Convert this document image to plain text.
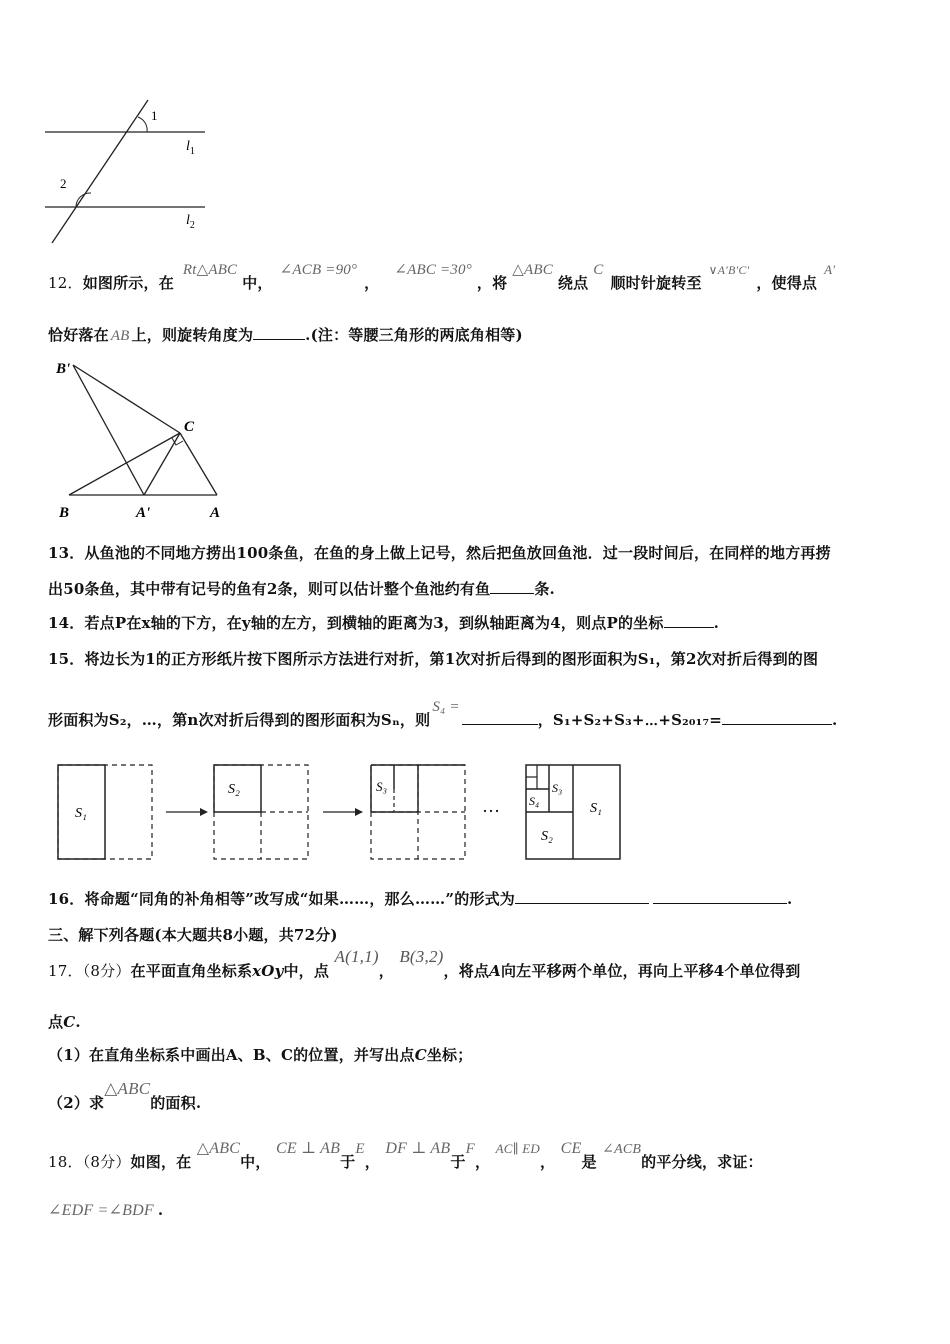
1
2
$l_1$
$l_2$
12．如图所示，在 Rt△ABC 中， ∠ACB =90° ， ∠ABC =30° ，将 △ABC 绕点 C 顺时针旋转至 $^{\vee A'B'C'}$ ，使得点 A′
恰好落在 AB 上，则旋转角度为	.(注：等腰三角形的两底角相等)
B'
C
B	A'	A
13．从鱼池的不同地方捞出100条鱼，在鱼的身上做上记号，然后把鱼放回鱼池．过一段时间后，在同样的地方再捞
出50条鱼，其中带有记号的鱼有2条，则可以估计整个鱼池约有鱼	条.
14．若点P在x轴的下方，在y轴的左方，到横轴的距离为3，到纵轴距离为4，则点P的坐标	.
15．将边长为1的正方形纸片按下图所示方法进行对折，第1次对折后得到的图形面积为S₁，第2次对折后得到的图
形面积为S₂，…，第n次对折后得到的图形面积为Sₙ，则S₄ =，S₁+S₂+S₃+⋯+S₂₀₁₇=	.
S₁
S₂	S₃
···	S₁
S₂
S₃
S₄
16．将命题“同角的补角相等”改写成“如果……，那么……”的形式为	.
三、解下列各题(本大题共8小题，共72分)
17．（8分）在平面直角坐标系xOy中，点 A(1,1)， B(3,2)，将点A向左平移两个单位，再向上平移4个单位得到
点C.
（1）在直角坐标系中画出A、B、C的位置，并写出点C坐标；
（2）求△ABC的面积.
18．（8分）如图，在 △ABC中， CE ⊥ AB于E， DF ⊥ AB于F， AC∥ ED， CE是 ∠ACB的平分线，求证：
∠EDF =∠BDF .
